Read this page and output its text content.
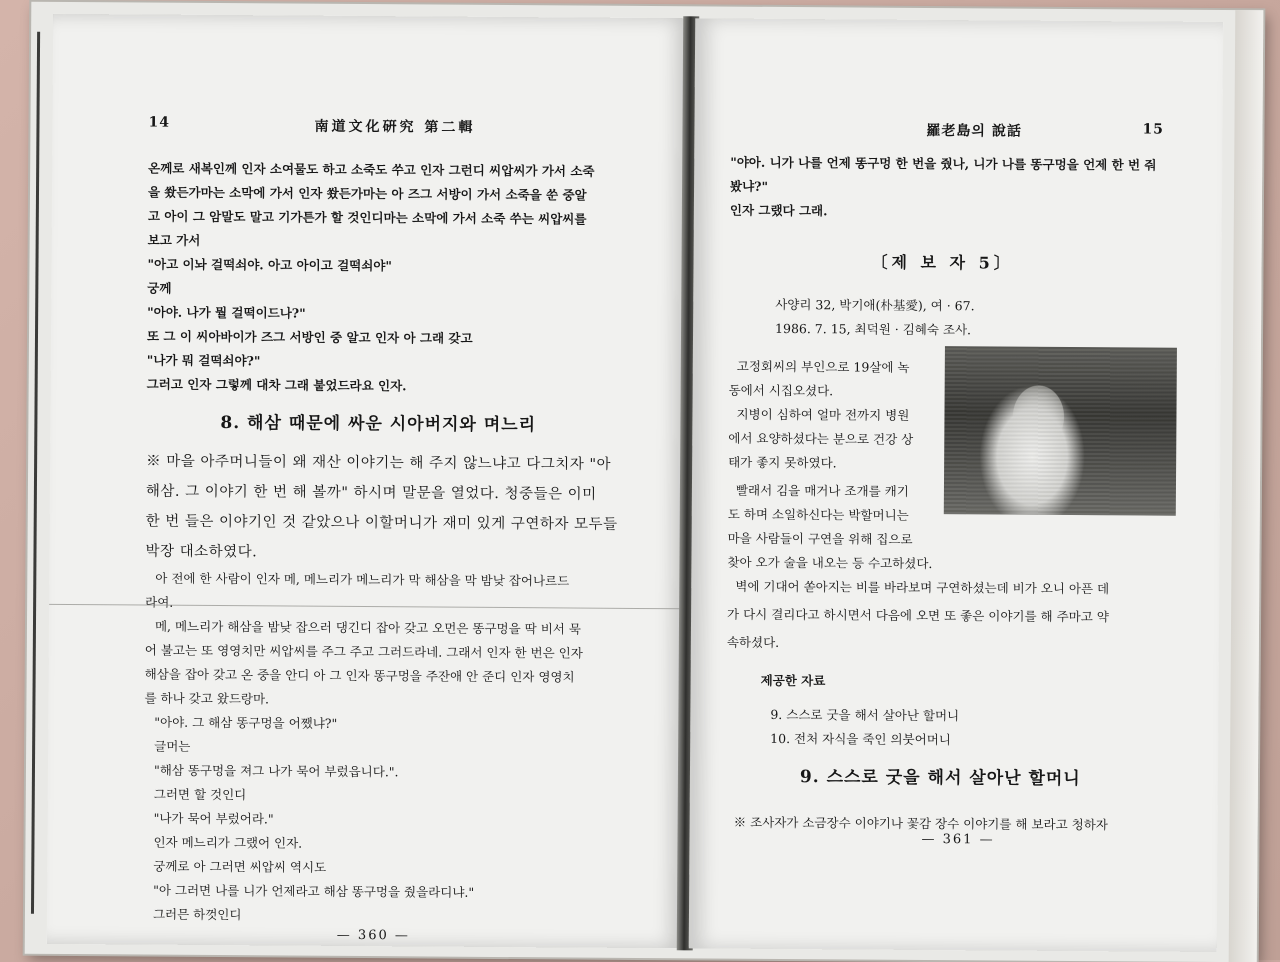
14	南道文化硏究 第二輯
온께로 새복인께 인자 소여물도 하고 소죽도 쑤고 인자 그런디 씨압씨가 가서 소죽
을 쐈든가마는 소막에 가서 인자 쐈든가마는 아 즈그 서방이 가서 소죽을 쑨 중알
고 아이 그 암말도 말고 기가튼가 할 것인디마는 소막에 가서 소죽 쑤는 씨압씨를
보고 가서
"아고 이놔 걸떡쇠야. 아고 아이고 걸떡쇠야"
궁께
"아야. 나가 뭘 걸떡이드나?"
또 그 이 씨아바이가 즈그 서방인 중 알고 인자 아 그래 갖고
"나가 뭐 걸떡쇠야?"
그러고 인자 그렇께 대차 그래 붙었드라요 인자.
8. 해삼 때문에 싸운 시아버지와 며느리
※ 마을 아주머니들이 왜 재산 이야기는 해 주지 않느냐고 다그치자 "아
해삼. 그 이야기 한 번 해 볼까" 하시며 말문을 열었다. 청중들은 이미
한 번 들은 이야기인 것 같았으나 이할머니가 재미 있게 구연하자 모두들
박장 대소하였다.
아 전에 한 사람이 인자 메, 메느리가 메느리가 막 해삼을 막 밤낮 잡어나르드
라여.
메, 메느리가 해삼을 밤낮 잡으러 댕긴디 잡아 갖고 오먼은 똥구멍을 딱 비서 묵
어 불고는 또 영영치만 씨압씨를 주그 주고 그러드라네. 그래서 인자 한 번은 인자
해삼을 잡아 갖고 온 중을 안디 아 그 인자 똥구멍을 주잔애 안 준디 인자 영영치
를 하나 갖고 왔드랑마.
"아야. 그 해삼 똥구멍을 어쨌냐?"
글머는
"해삼 똥구멍을 져그 나가 묵어 부렀읍니다.".
그러면 할 것인디
"나가 묵어 부렀어라."
인자 메느리가 그랬어 인자.
궁께로 아 그러면 씨압씨 역시도
"아 그러면 나를 니가 언제라고 해삼 똥구멍을 줬을라디냐."
그러믄 하껏인디
— 360 —
羅老島의 說話	15
"야아. 니가 나를 언제 똥구멍 한 번을 줬나, 니가 나를 똥구멍을 언제 한 번 줘
봤냐?"
인자 그랬다 그래.
〔제 보 자 5〕
사양리 32, 박기애(朴基愛), 여 · 67.
1986. 7. 15, 최덕원 · 김혜숙 조사.
고정회씨의 부인으로 19살에 녹
동에서 시집오셨다.
지병이 심하여 얼마 전까지 병원
에서 요양하셨다는 분으로 건강 상
태가 좋지 못하였다.
빨래서 김을 매거나 조개를 캐기
도 하며 소일하신다는 박할머니는
마을 사람들이 구연을 위해 집으로
찾아 오가 술을 내오는 등 수고하셨다.
벽에 기대어 쏟아지는 비를 바라보며 구연하셨는데 비가 오니 아픈 데
가 다시 결리다고 하시면서 다음에 오면 또 좋은 이야기를 해 주마고 약
속하셨다.
제공한 자료
9. 스스로 굿을 해서 살아난 할머니
10. 전처 자식을 죽인 의붓어머니
9. 스스로 굿을 해서 살아난 할머니
※ 조사자가 소금장수 이야기나 꽃감 장수 이야기를 해 보라고 청하자
— 361 —
